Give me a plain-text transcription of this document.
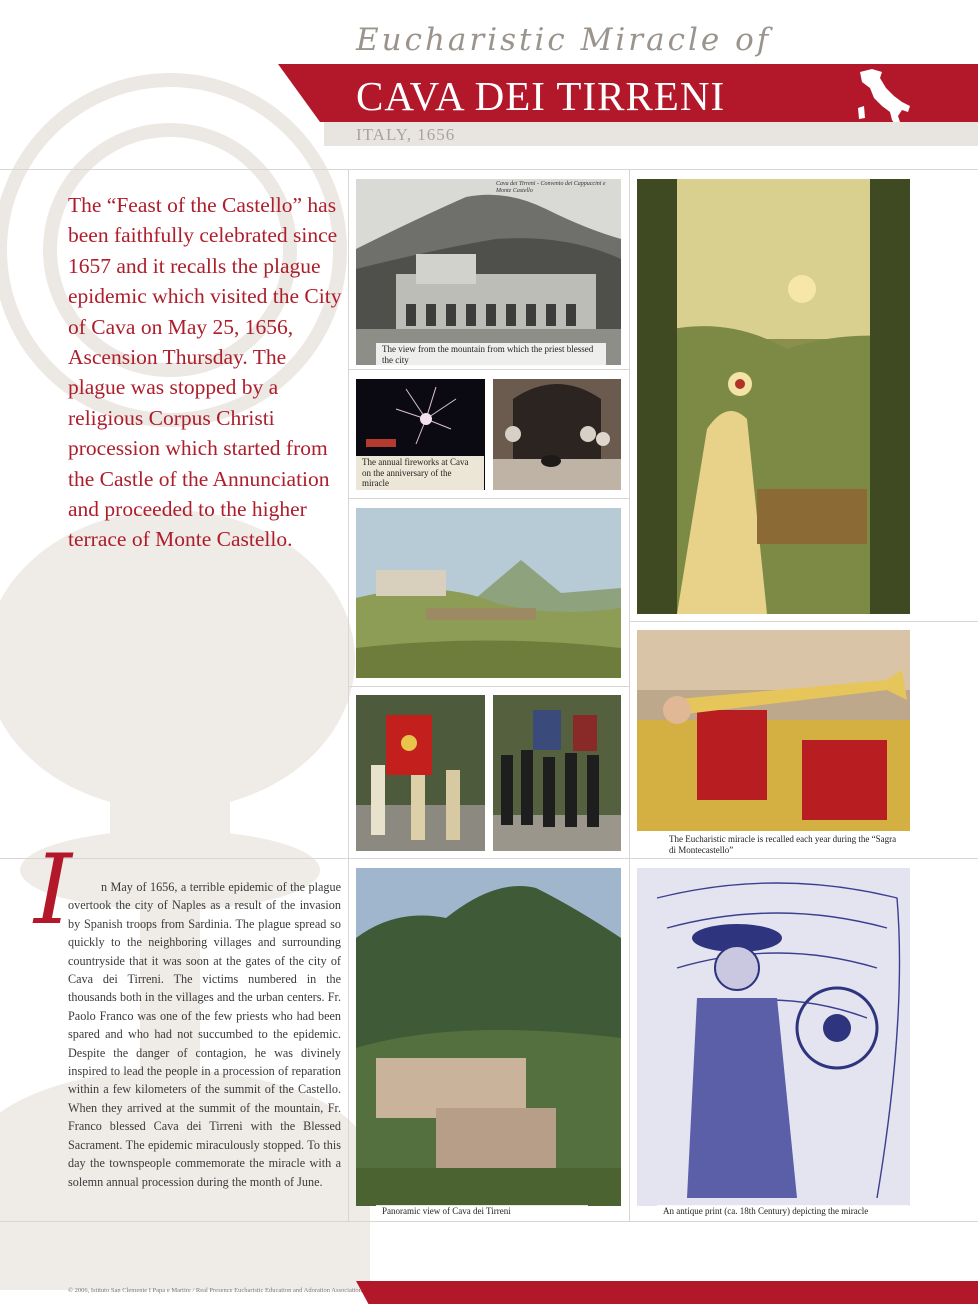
Eucharistic Miracle of
CAVA DEI TIRRENI
ITALY, 1656
The “Feast of the Castello” has been faithfully celebrated since 1657 and it recalls the plague epidemic which visited the City of Cava on May 25, 1656, Ascension Thursday. The plague was stopped by a religious Corpus Christi procession which started from the Castle of the Annunciation and proceeded to the higher terrace of Monte Castello.
Cava dei Tirreni - Convento dei Cappuccini e Monte Castello
The view from the mountain from which the priest blessed the city
The annual fireworks at Cava on the anniversary of the miracle
The Eucharistic miracle is recalled each year during the “Sagra di Montecastello”
Panoramic view of Cava dei Tirreni	An antique print (ca. 18th Century) depicting the miracle
I	n May of 1656, a terrible epidemic of the plague overtook the city of Naples as a result of the invasion by Spanish troops from Sardinia. The plague spread so quickly to the neighboring villages and surrounding countryside that it was soon at the gates of the city of Cava dei Tirreni. The victims numbered in the thousands both in the villages and the urban centers. Fr. Paolo Franco was one of the few priests who had been spared and who had not succumbed to the epidemic. Despite the danger of contagion, he was divinely inspired to lead the people in a procession of reparation within a few kilometers of the summit of the Castello. When they arrived at the summit of the mountain, Fr. Franco blessed Cava dei Tirreni with the Blessed Sacrament. The epidemic miraculously stopped. To this day the townspeople commemorate the miracle with a solemn annual procession during the month of June.
© 2006, Istituto San Clemente I Papa e Martire / Real Presence Eucharistic Education and Adoration Association
